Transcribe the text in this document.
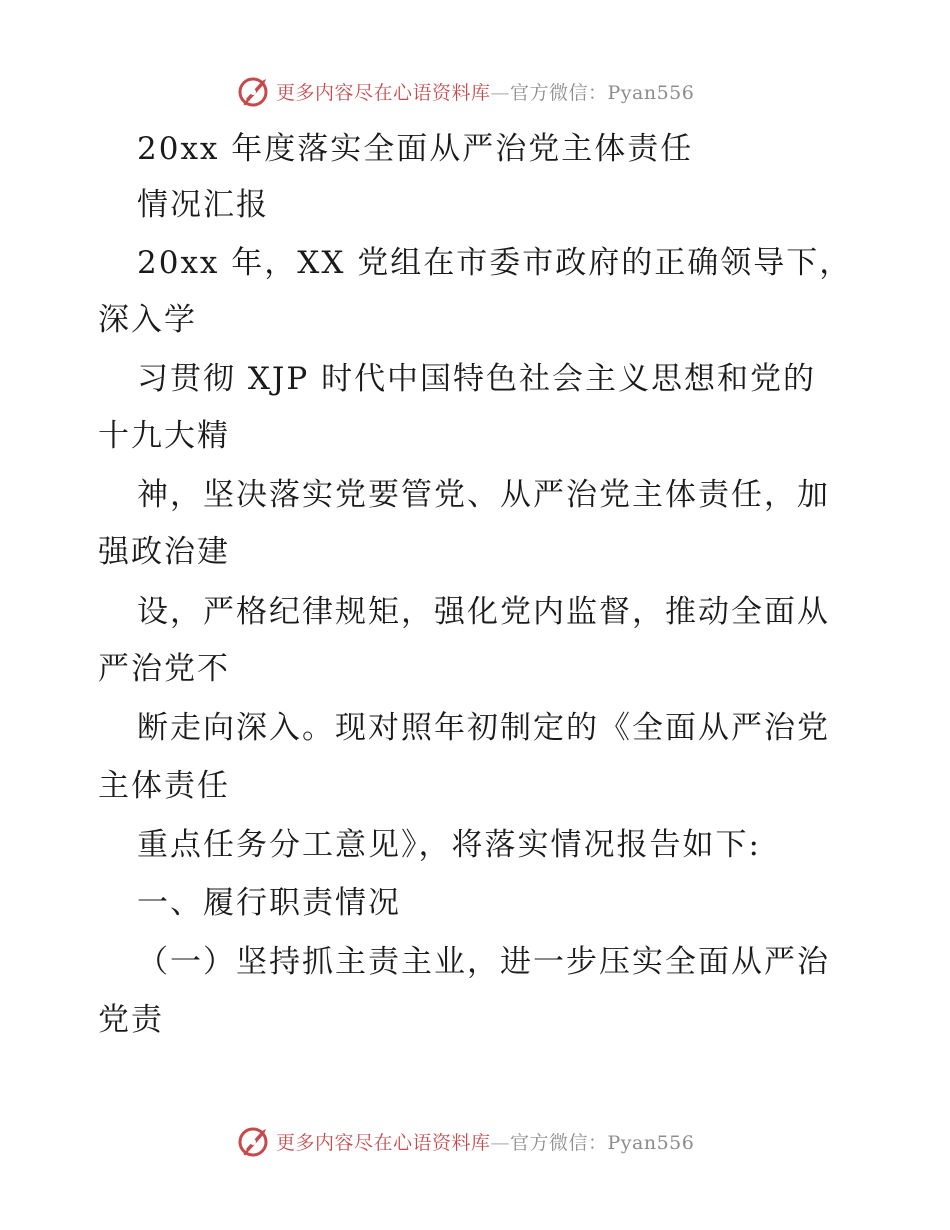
更多内容尽在心语资料库—官方微信：Pyan556
20xx 年度落实全面从严治党主体责任
情况汇报
20xx 年，XX 党组在市委市政府的正确领导下，
深入学
习贯彻 XJP 时代中国特色社会主义思想和党的
十九大精
神，坚决落实党要管党、从严治党主体责任，加
强政治建
设，严格纪律规矩，强化党内监督，推动全面从
严治党不
断走向深入。现对照年初制定的《全面从严治党
主体责任
重点任务分工意见》，将落实情况报告如下:
一、履行职责情况
（一）坚持抓主责主业，进一步压实全面从严治
党责
更多内容尽在心语资料库—官方微信：Pyan556
